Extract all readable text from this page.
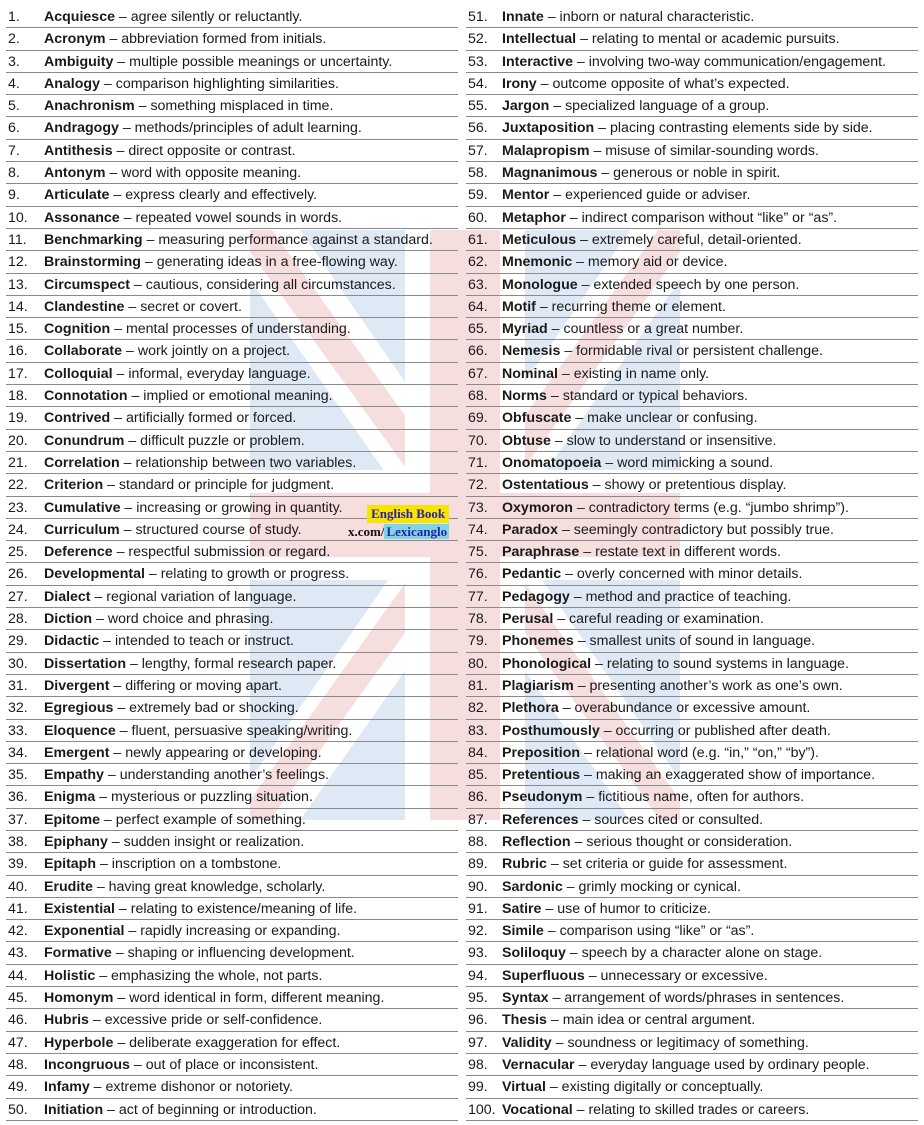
1. Acquiesce – agree silently or reluctantly.
2. Acronym – abbreviation formed from initials.
3. Ambiguity – multiple possible meanings or uncertainty.
4. Analogy – comparison highlighting similarities.
5. Anachronism – something misplaced in time.
6. Andragogy – methods/principles of adult learning.
7. Antithesis – direct opposite or contrast.
8. Antonym – word with opposite meaning.
9. Articulate – express clearly and effectively.
10. Assonance – repeated vowel sounds in words.
11. Benchmarking – measuring performance against a standard.
12. Brainstorming – generating ideas in a free-flowing way.
13. Circumspect – cautious, considering all circumstances.
14. Clandestine – secret or covert.
15. Cognition – mental processes of understanding.
16. Collaborate – work jointly on a project.
17. Colloquial – informal, everyday language.
18. Connotation – implied or emotional meaning.
19. Contrived – artificially formed or forced.
20. Conundrum – difficult puzzle or problem.
21. Correlation – relationship between two variables.
22. Criterion – standard or principle for judgment.
23. Cumulative – increasing or growing in quantity.
24. Curriculum – structured course of study.
25. Deference – respectful submission or regard.
26. Developmental – relating to growth or progress.
27. Dialect – regional variation of language.
28. Diction – word choice and phrasing.
29. Didactic – intended to teach or instruct.
30. Dissertation – lengthy, formal research paper.
31. Divergent – differing or moving apart.
32. Egregious – extremely bad or shocking.
33. Eloquence – fluent, persuasive speaking/writing.
34. Emergent – newly appearing or developing.
35. Empathy – understanding another’s feelings.
36. Enigma – mysterious or puzzling situation.
37. Epitome – perfect example of something.
38. Epiphany – sudden insight or realization.
39. Epitaph – inscription on a tombstone.
40. Erudite – having great knowledge, scholarly.
41. Existential – relating to existence/meaning of life.
42. Exponential – rapidly increasing or expanding.
43. Formative – shaping or influencing development.
44. Holistic – emphasizing the whole, not parts.
45. Homonym – word identical in form, different meaning.
46. Hubris – excessive pride or self-confidence.
47. Hyperbole – deliberate exaggeration for effect.
48. Incongruous – out of place or inconsistent.
49. Infamy – extreme dishonor or notoriety.
50. Initiation – act of beginning or introduction.
51. Innate – inborn or natural characteristic.
52. Intellectual – relating to mental or academic pursuits.
53. Interactive – involving two-way communication/engagement.
54. Irony – outcome opposite of what’s expected.
55. Jargon – specialized language of a group.
56. Juxtaposition – placing contrasting elements side by side.
57. Malapropism – misuse of similar-sounding words.
58. Magnanimous – generous or noble in spirit.
59. Mentor – experienced guide or adviser.
60. Metaphor – indirect comparison without “like” or “as”.
61. Meticulous – extremely careful, detail-oriented.
62. Mnemonic – memory aid or device.
63. Monologue – extended speech by one person.
64. Motif – recurring theme or element.
65. Myriad – countless or a great number.
66. Nemesis – formidable rival or persistent challenge.
67. Nominal – existing in name only.
68. Norms – standard or typical behaviors.
69. Obfuscate – make unclear or confusing.
70. Obtuse – slow to understand or insensitive.
71. Onomatopoeia – word mimicking a sound.
72. Ostentatious – showy or pretentious display.
73. Oxymoron – contradictory terms (e.g. “jumbo shrimp”).
74. Paradox – seemingly contradictory but possibly true.
75. Paraphrase – restate text in different words.
76. Pedantic – overly concerned with minor details.
77. Pedagogy – method and practice of teaching.
78. Perusal – careful reading or examination.
79. Phonemes – smallest units of sound in language.
80. Phonological – relating to sound systems in language.
81. Plagiarism – presenting another’s work as one’s own.
82. Plethora – overabundance or excessive amount.
83. Posthumously – occurring or published after death.
84. Preposition – relational word (e.g. “in,” “on,” “by”).
85. Pretentious – making an exaggerated show of importance.
86. Pseudonym – fictitious name, often for authors.
87. References – sources cited or consulted.
88. Reflection – serious thought or consideration.
89. Rubric – set criteria or guide for assessment.
90. Sardonic – grimly mocking or cynical.
91. Satire – use of humor to criticize.
92. Simile – comparison using “like” or “as”.
93. Soliloquy – speech by a character alone on stage.
94. Superfluous – unnecessary or excessive.
95. Syntax – arrangement of words/phrases in sentences.
96. Thesis – main idea or central argument.
97. Validity – soundness or legitimacy of something.
98. Vernacular – everyday language used by ordinary people.
99. Virtual – existing digitally or conceptually.
100. Vocational – relating to skilled trades or careers.
English Book
x.com/ Lexicanglo
